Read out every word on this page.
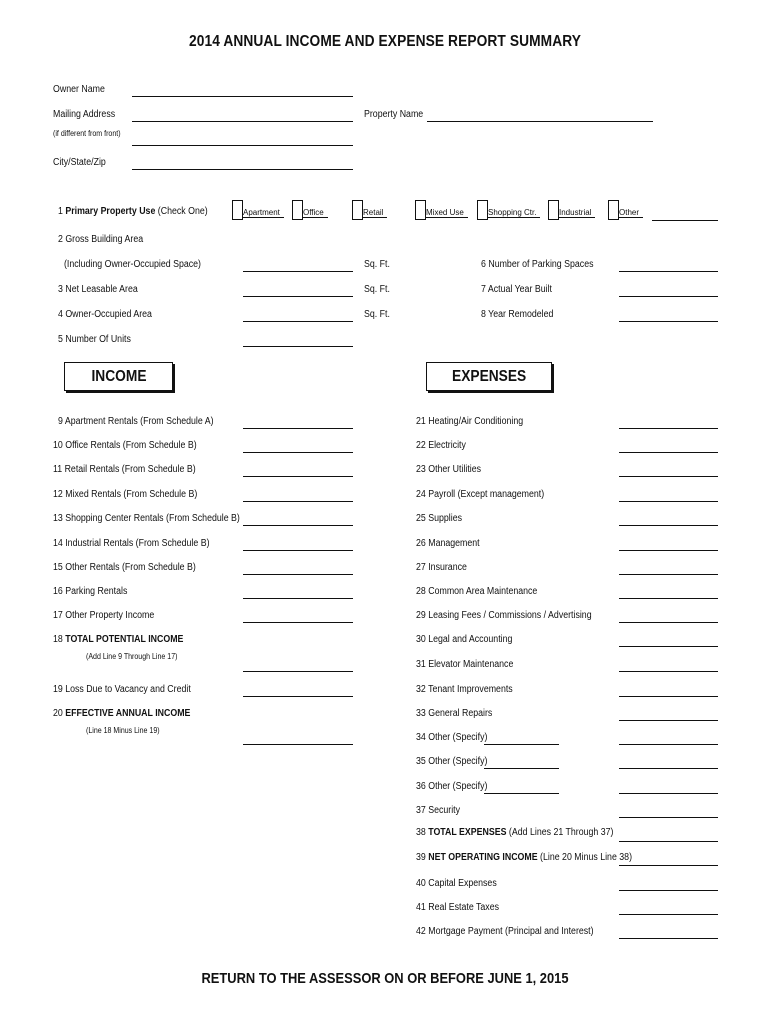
2014 ANNUAL INCOME AND EXPENSE REPORT SUMMARY
Owner Name
Mailing Address
(if different from front)
Property Name
City/State/Zip
1 Primary Property Use (Check One)	Apartment	Office	Retail	Mixed Use	Shopping Ctr.	Industrial	Other
2 Gross Building Area
(Including Owner-Occupied Space)	Sq. Ft.	6 Number of Parking Spaces
3 Net Leasable Area	Sq. Ft.	7 Actual Year Built
4 Owner-Occupied Area	Sq. Ft.	8 Year Remodeled
5 Number Of Units
INCOME	EXPENSES
9 Apartment Rentals (From Schedule A)
10 Office Rentals (From Schedule B)
11 Retail Rentals (From Schedule B)
12 Mixed Rentals (From Schedule B)
13 Shopping Center Rentals (From Schedule B)
14 Industrial Rentals (From Schedule B)
15 Other Rentals (From Schedule B)
16 Parking Rentals
17 Other Property Income
18 TOTAL POTENTIAL INCOME
(Add Line 9 Through Line 17)
19 Loss Due to Vacancy and Credit
20 EFFECTIVE ANNUAL INCOME
(Line 18 Minus Line 19)
21 Heating/Air Conditioning
22 Electricity
23 Other Utilities
24 Payroll (Except management)
25 Supplies
26 Management
27 Insurance
28 Common Area Maintenance
29 Leasing Fees / Commissions / Advertising
30 Legal and Accounting
31 Elevator Maintenance
32 Tenant Improvements
33 General Repairs
34 Other (Specify)
35 Other (Specify)
36 Other (Specify)
37 Security
38 TOTAL EXPENSES (Add Lines 21 Through 37)
39 NET OPERATING INCOME (Line 20 Minus Line 38)
40 Capital Expenses
41 Real Estate Taxes
42 Mortgage Payment (Principal and Interest)
RETURN TO THE ASSESSOR ON OR BEFORE JUNE 1, 2015
